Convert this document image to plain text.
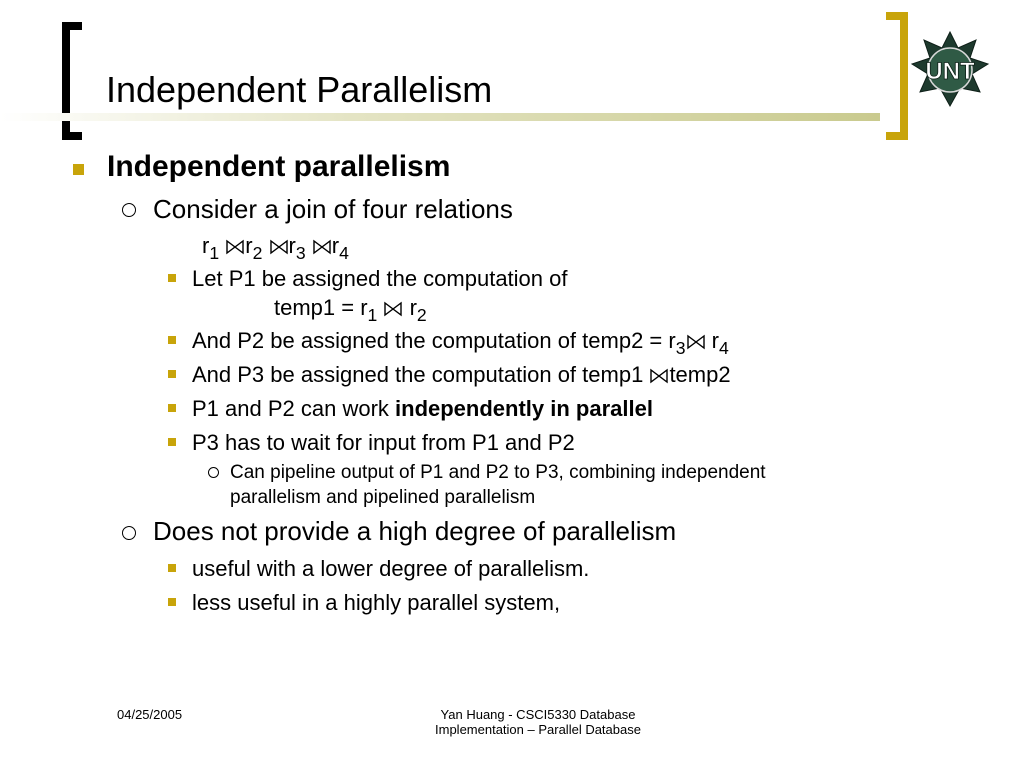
Independent Parallelism	UNT
Independent parallelism
Consider a join of four relations
$r_1$ $r_2$ $r_3$ $r_4$
Let P1 be assigned the computation of
temp1 = $r_1$ $r_2$
And P2 be assigned the computation of temp2 = $r_3$ $r_4$
And P3 be assigned the computation of temp1 temp2
P1 and P2 can work independently in parallel
P3 has to wait for input from P1 and P2
Can pipeline output of P1 and P2 to P3, combining independent
parallelism and pipelined parallelism
Does not provide a high degree of parallelism
useful with a lower degree of parallelism.
less useful in a highly parallel system,
04/25/2005	Yan Huang - CSCI5330 Database
Implementation – Parallel Database
